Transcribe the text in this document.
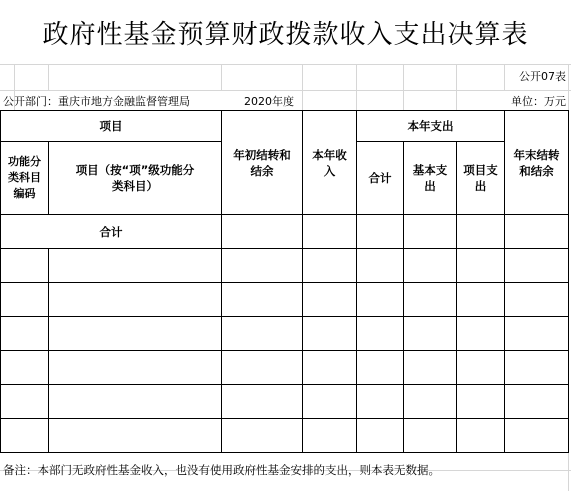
政府性基金预算财政拨款收入支出决算表
公开07表
公开部门：重庆市地方金融监督管理局	2020年度	单位：万元
项目
功能分
类科目
编码
项目（按“项”级功能分
类科目）
年初结转和
结余
本年收
入
本年支出
合计
基本支
出
项目支
出
年末结转
和结余
合计
备注：本部门无政府性基金收入，也没有使用政府性基金安排的支出，则本表无数据。
